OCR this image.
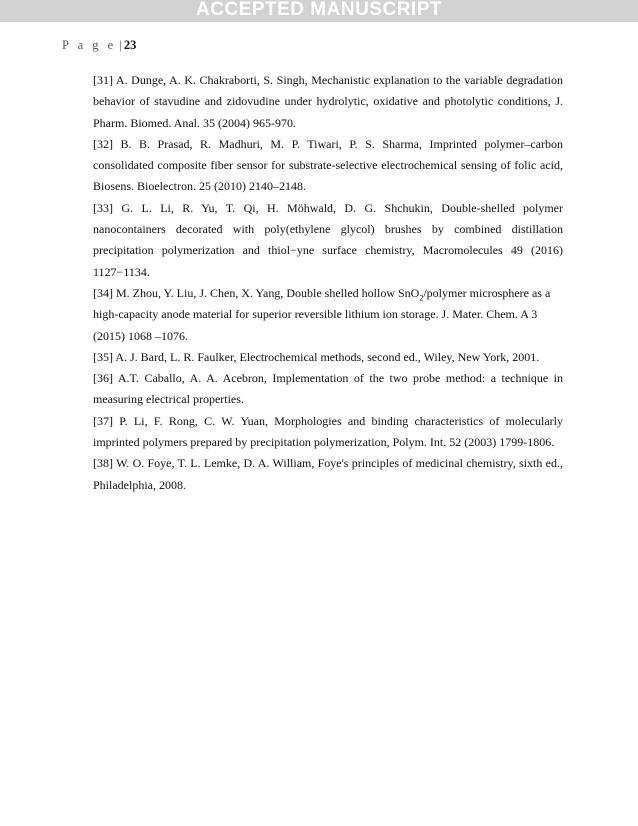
ACCEPTED MANUSCRIPT
P a g e | 23

[31] A. Dunge, A. K. Chakraborti, S. Singh, Mechanistic explanation to the variable degradation behavior of stavudine and zidovudine under hydrolytic, oxidative and photolytic conditions, J. Pharm. Biomed. Anal. 35 (2004) 965-970.

[32] B. B. Prasad, R. Madhuri, M. P. Tiwari, P. S. Sharma, Imprinted polymer–carbon consolidated composite fiber sensor for substrate-selective electrochemical sensing of folic acid, Biosens. Bioelectron. 25 (2010) 2140–2148.

[33] G. L. Li, R. Yu, T. Qi, H. Möhwald, D. G. Shchukin, Double-shelled polymer nanocontainers decorated with poly(ethylene glycol) brushes by combined distillation precipitation polymerization and thiol−yne surface chemistry, Macromolecules 49 (2016) 1127−1134.

[34] M. Zhou, Y. Liu, J. Chen, X. Yang, Double shelled hollow SnO$_2$/polymer microsphere as a high-capacity anode material for superior reversible lithium ion storage. J. Mater. Chem. A 3 (2015) 1068 –1076.

[35] A. J. Bard, L. R. Faulker, Electrochemical methods, second ed., Wiley, New York, 2001.

[36] A.T. Caballo, A. A. Acebron, Implementation of the two probe method: a technique in measuring electrical properties.

[37] P. Li, F. Rong, C. W. Yuan, Morphologies and binding characteristics of molecularly imprinted polymers prepared by precipitation polymerization, Polym. Int. 52 (2003) 1799-1806.

[38] W. O. Foye, T. L. Lemke, D. A. William, Foye's principles of medicinal chemistry, sixth ed., Philadelphia, 2008.
